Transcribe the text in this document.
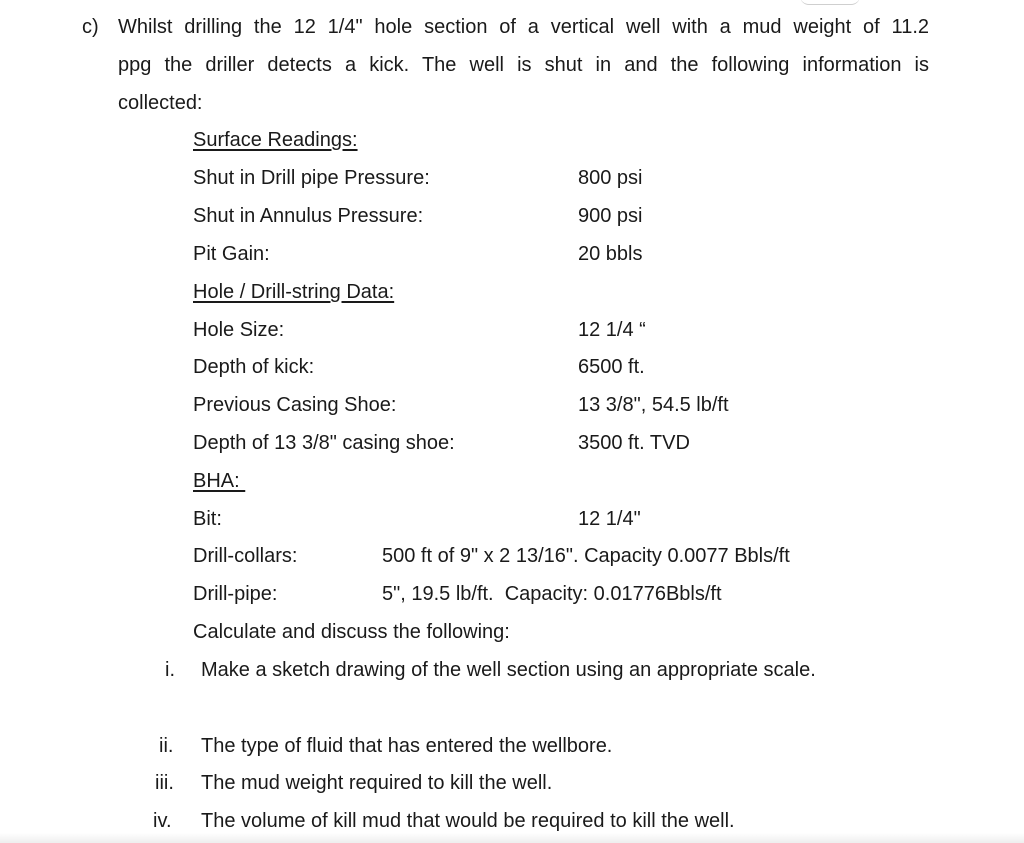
c) Whilst drilling the 12 1/4" hole section of a vertical well with a mud weight of 11.2
ppg the driller detects a kick. The well is shut in and the following information is
collected:
Surface Readings:
Shut in Drill pipe Pressure:	800 psi
Shut in Annulus Pressure:	900 psi
Pit Gain:	20 bbls
Hole / Drill-string Data:
Hole Size:	12 1/4 “
Depth of kick:	6500 ft.
Previous Casing Shoe:	13 3/8", 54.5 lb/ft
Depth of 13 3/8" casing shoe:	3500 ft. TVD
BHA:
Bit:	12 1/4"
Drill-collars:	500 ft of 9" x 2 13/16". Capacity 0.0077 Bbls/ft
Drill-pipe:	5", 19.5 lb/ft.  Capacity: 0.01776Bbls/ft
Calculate and discuss the following:
i. Make a sketch drawing of the well section using an appropriate scale.
ii. The type of fluid that has entered the wellbore.
iii. The mud weight required to kill the well.
iv. The volume of kill mud that would be required to kill the well.
